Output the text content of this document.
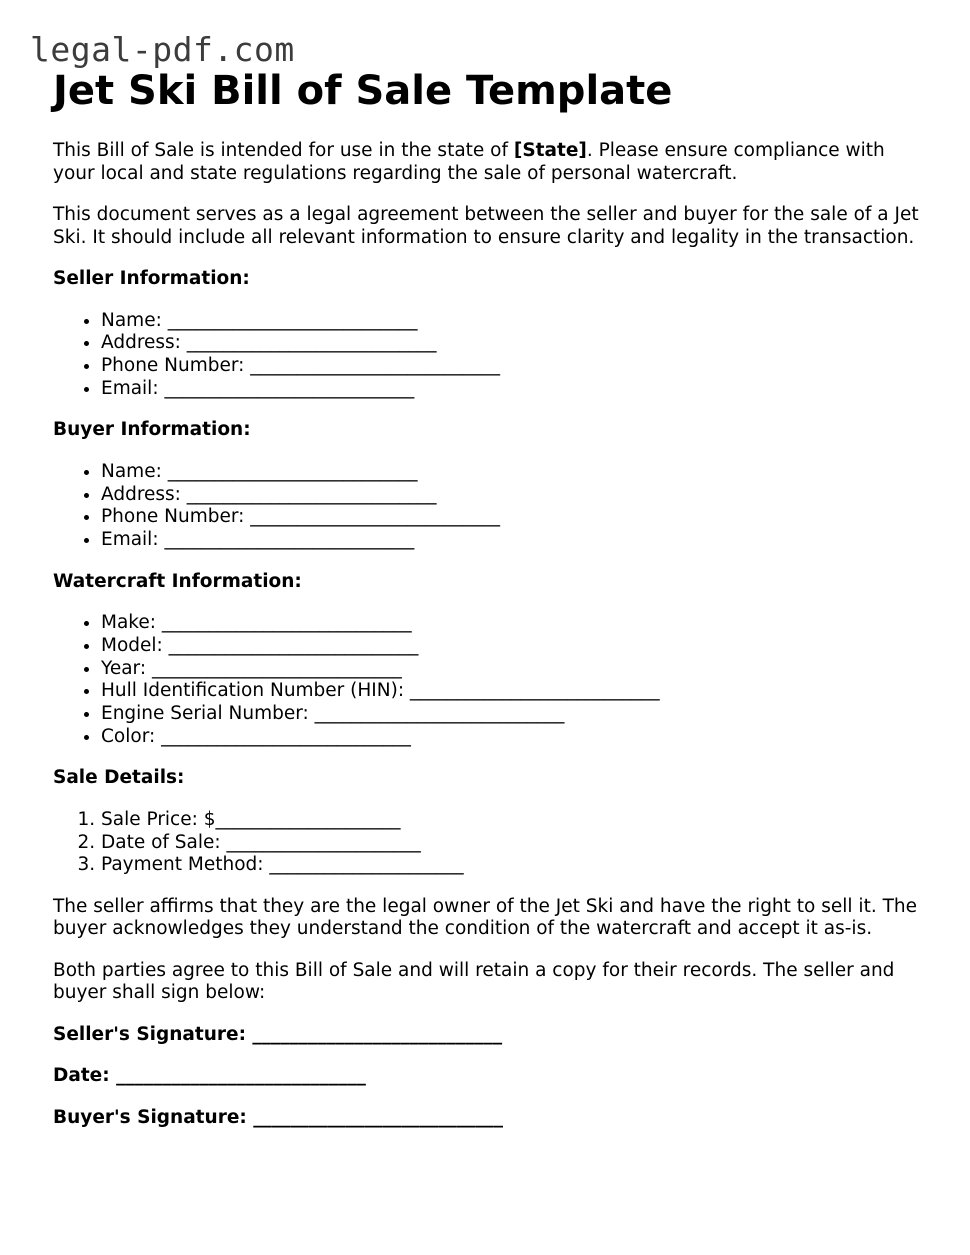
legal-pdf.com
Jet Ski Bill of Sale Template

This Bill of Sale is intended for use in the state of [State]. Please ensure compliance with your local and state regulations regarding the sale of personal watercraft.

This document serves as a legal agreement between the seller and buyer for the sale of a Jet Ski. It should include all relevant information to ensure clarity and legality in the transaction.

Seller Information:
• Name: ___________________________
• Address: ___________________________
• Phone Number: ___________________________
• Email: ___________________________
Buyer Information:
• Name: ___________________________
• Address: ___________________________
• Phone Number: ___________________________
• Email: ___________________________
Watercraft Information:
• Make: ___________________________
• Model: ___________________________
• Year: ___________________________
• Hull Identification Number (HIN): ___________________________
• Engine Serial Number: ___________________________
• Color: ___________________________
Sale Details:
1. Sale Price: $____________________
2. Date of Sale: _____________________
3. Payment Method: _____________________

The seller affirms that they are the legal owner of the Jet Ski and have the right to sell it. The buyer acknowledges they understand the condition of the watercraft and accept it as-is.

Both parties agree to this Bill of Sale and will retain a copy for their records. The seller and buyer shall sign below:

Seller's Signature: ___________________________
Date: ___________________________
Buyer's Signature: ___________________________
